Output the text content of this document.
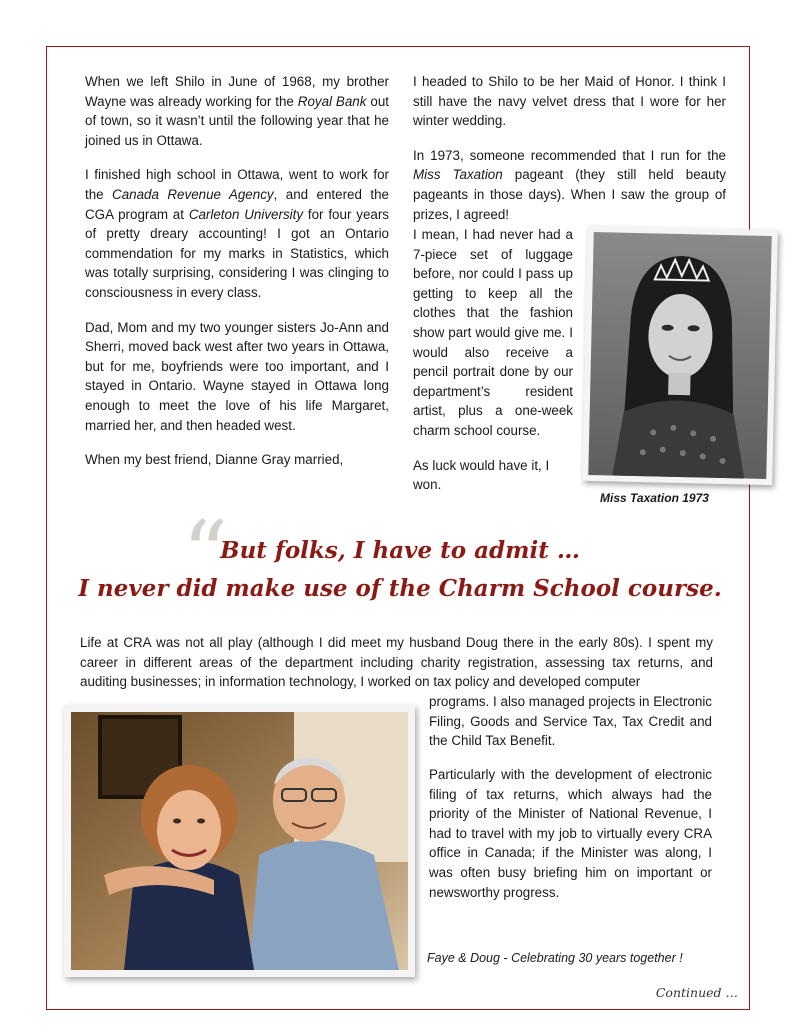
When we left Shilo in June of 1968, my brother Wayne was already working for the Royal Bank out of town, so it wasn’t until the following year that he joined us in Ottawa.

I finished high school in Ottawa, went to work for the Canada Revenue Agency, and entered the CGA program at Carleton University for four years of pretty dreary accounting! I got an Ontario commendation for my marks in Statistics, which was totally surprising, considering I was clinging to consciousness in every class.

Dad, Mom and my two younger sisters Jo-Ann and Sherri, moved back west after two years in Ottawa, but for me, boyfriends were too important, and I stayed in Ontario. Wayne stayed in Ottawa long enough to meet the love of his life Margaret, married her, and then headed west.

When my best friend, Dianne Gray married,

I headed to Shilo to be her Maid of Honor. I think I still have the navy velvet dress that I wore for her winter wedding.

In 1973, someone recommended that I run for the Miss Taxation pageant (they still held beauty pageants in those days). When I saw the group of prizes, I agreed!

I mean, I had never had a 7-piece set of luggage before, nor could I pass up getting to keep all the clothes that the fashion show part would give me. I would also receive a pencil portrait done by our department’s resident artist, plus a one-week charm school course.

As luck would have it, I won.

Miss Taxation 1973
“
But folks, I have to admit …
I never did make use of the Charm School course.
Life at CRA was not all play (although I did meet my husband Doug there in the early 80s). I spent my career in different areas of the department including charity registration, assessing tax returns, and auditing businesses; in information technology, I worked on tax policy and developed computer
programs. I also managed projects in Electronic Filing, Goods and Service Tax, Tax Credit and the Child Tax Benefit.
Particularly with the development of electronic filing of tax returns, which always had the priority of the Minister of National Revenue, I had to travel with my job to virtually every CRA office in Canada; if the Minister was along, I was often busy briefing him on important or newsworthy progress.
Faye & Doug - Celebrating 30 years together !
Continued …
